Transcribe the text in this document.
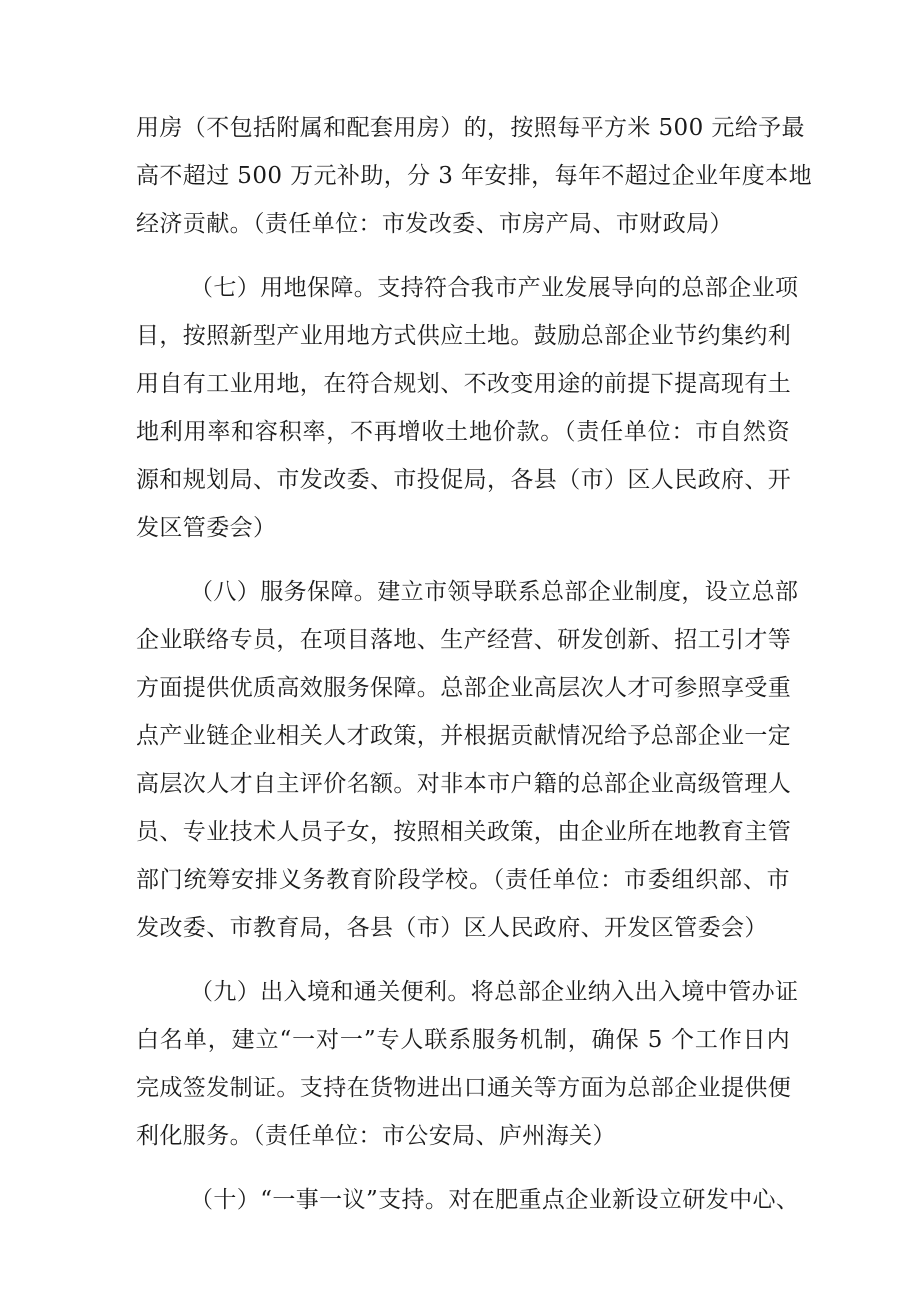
用房（不包括附属和配套用房）的，按照每平方米 500 元给予最
高不超过 500 万元补助，分 3 年安排，每年不超过企业年度本地
经济贡献。（责任单位：市发改委、市房产局、市财政局）
（七）用地保障。支持符合我市产业发展导向的总部企业项
目，按照新型产业用地方式供应土地。鼓励总部企业节约集约利
用自有工业用地，在符合规划、不改变用途的前提下提高现有土
地利用率和容积率，不再增收土地价款。（责任单位：市自然资
源和规划局、市发改委、市投促局，各县（市）区人民政府、开
发区管委会）
（八）服务保障。建立市领导联系总部企业制度，设立总部
企业联络专员，在项目落地、生产经营、研发创新、招工引才等
方面提供优质高效服务保障。总部企业高层次人才可参照享受重
点产业链企业相关人才政策，并根据贡献情况给予总部企业一定
高层次人才自主评价名额。对非本市户籍的总部企业高级管理人
员、专业技术人员子女，按照相关政策，由企业所在地教育主管
部门统筹安排义务教育阶段学校。（责任单位：市委组织部、市
发改委、市教育局，各县（市）区人民政府、开发区管委会）
（九）出入境和通关便利。将总部企业纳入出入境中管办证
白名单，建立“一对一”专人联系服务机制，确保 5 个工作日内
完成签发制证。支持在货物进出口通关等方面为总部企业提供便
利化服务。（责任单位：市公安局、庐州海关）
（十）“一事一议”支持。对在肥重点企业新设立研发中心、
